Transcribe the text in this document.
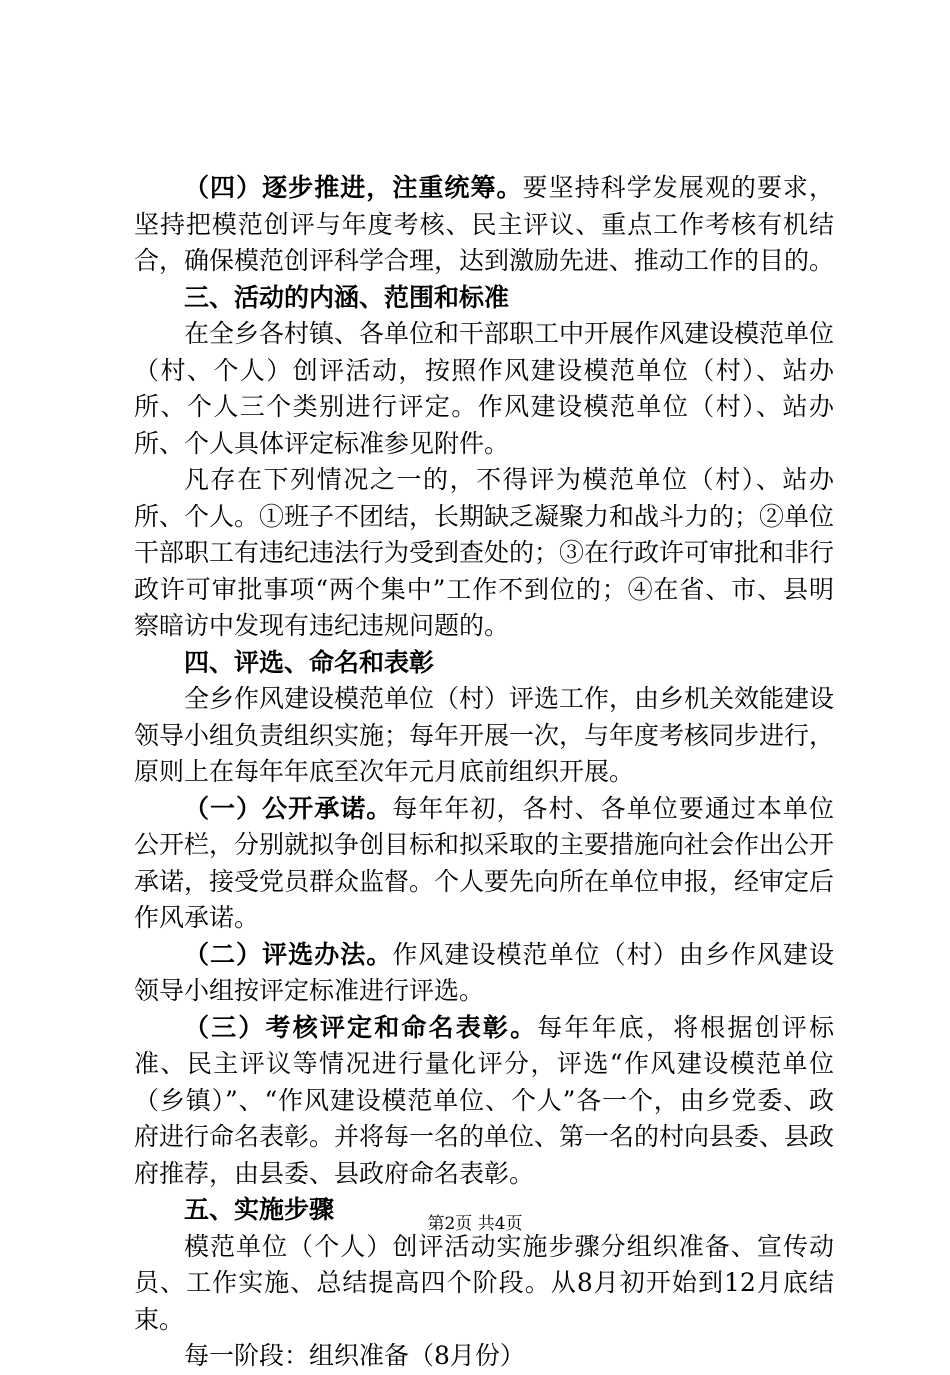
（四）逐步推进，注重统筹。要坚持科学发展观的要求，坚持把模范创评与年度考核、民主评议、重点工作考核有机结合，确保模范创评科学合理，达到激励先进、推动工作的目的。

三、活动的内涵、范围和标准

在全乡各村镇、各单位和干部职工中开展作风建设模范单位（村、个人）创评活动，按照作风建设模范单位（村）、站办所、个人三个类别进行评定。作风建设模范单位（村）、站办所、个人具体评定标准参见附件。

凡存在下列情况之一的，不得评为模范单位（村）、站办所、个人。①班子不团结，长期缺乏凝聚力和战斗力的；②单位干部职工有违纪违法行为受到查处的；③在行政许可审批和非行政许可审批事项“两个集中”工作不到位的；④在省、市、县明察暗访中发现有违纪违规问题的。

四、评选、命名和表彰

全乡作风建设模范单位（村）评选工作，由乡机关效能建设领导小组负责组织实施；每年开展一次，与年度考核同步进行，原则上在每年年底至次年元月底前组织开展。

（一）公开承诺。每年年初，各村、各单位要通过本单位公开栏，分别就拟争创目标和拟采取的主要措施向社会作出公开承诺，接受党员群众监督。个人要先向所在单位申报，经审定后作风承诺。

（二）评选办法。作风建设模范单位（村）由乡作风建设领导小组按评定标准进行评选。

（三）考核评定和命名表彰。每年年底，将根据创评标准、民主评议等情况进行量化评分，评选“作风建设模范单位（乡镇）”、“作风建设模范单位、个人”各一个，由乡党委、政府进行命名表彰。并将每一名的单位、第一名的村向县委、县政府推荐，由县委、县政府命名表彰。

五、实施步骤

模范单位（个人）创评活动实施步骤分组织准备、宣传动员、工作实施、总结提高四个阶段。从8月初开始到12月底结束。

每一阶段：组织准备（8月份）

第2页 共4页
